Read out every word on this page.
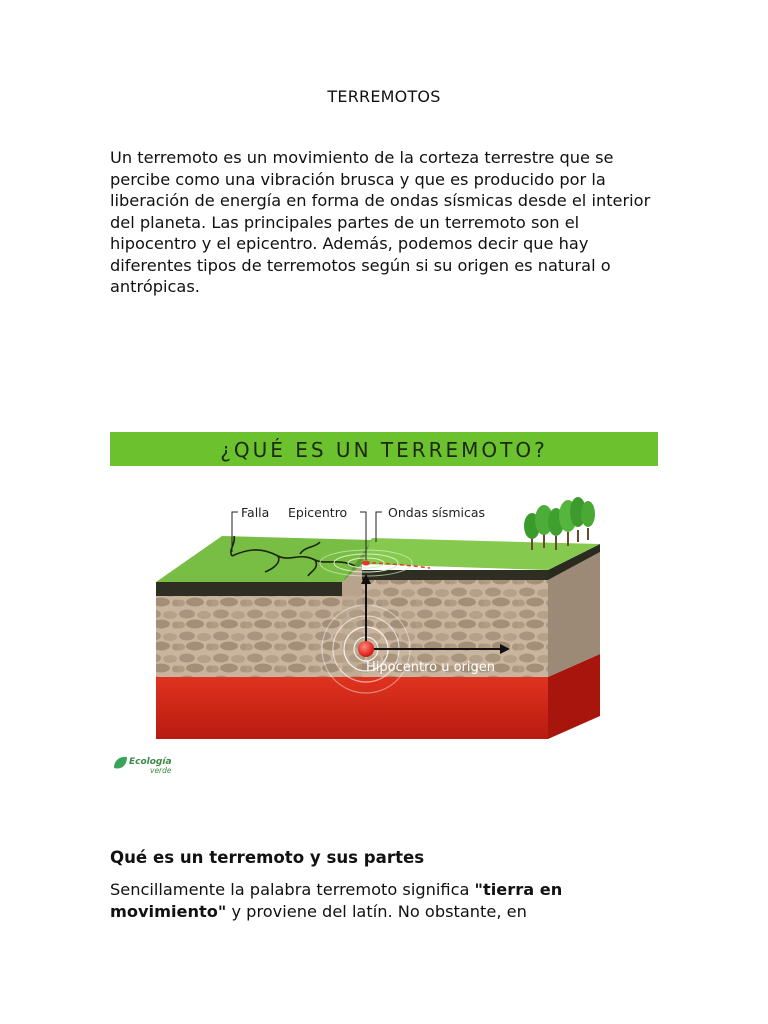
TERREMOTOS

Un terremoto es un movimiento de la corteza terrestre que se percibe como una vibración brusca y que es producido por la liberación de energía en forma de ondas sísmicas desde el interior del planeta. Las principales partes de un terremoto son el hipocentro y el epicentro. Además, podemos decir que hay diferentes tipos de terremotos según si su origen es natural o antrópicas.

¿QUÉ ES UN TERREMOTO?
Falla Epicentro	Ondas sísmicas
Hipocentro u origen
Ecología
verde
Qué es un terremoto y sus partes

Sencillamente la palabra terremoto significa "tierra en movimiento" y proviene del latín. No obstante, en
